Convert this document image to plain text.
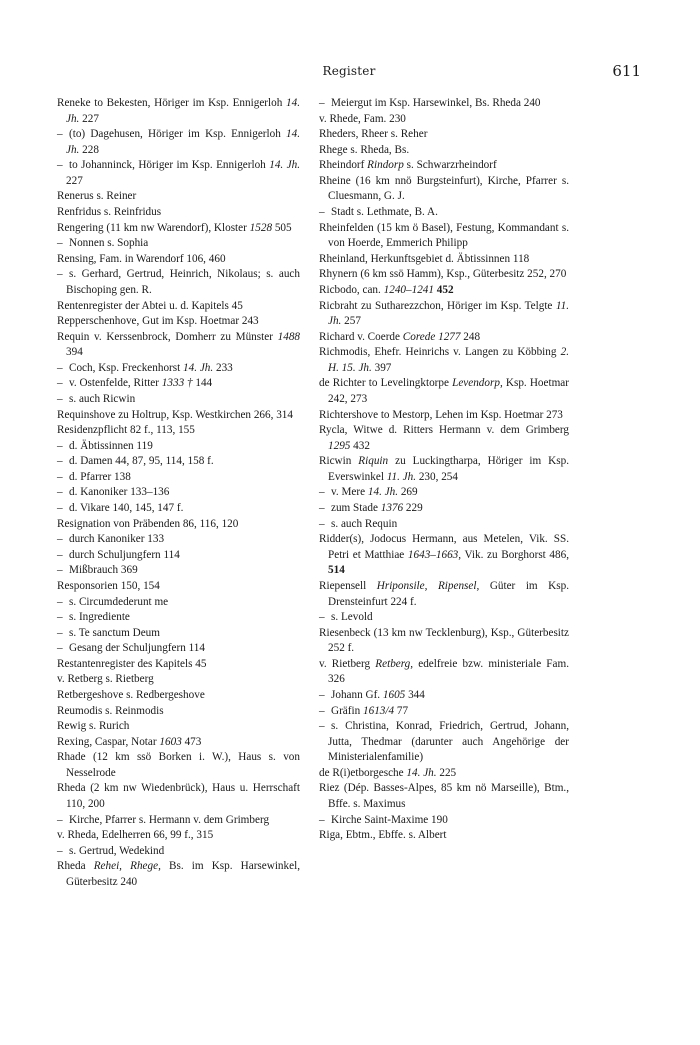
Register	611
Reneke to Bekesten, Höriger im Ksp. Ennigerloh 14. Jh. 227
– (to) Dagehusen, Höriger im Ksp. Ennigerloh 14. Jh. 228
– to Johanninck, Höriger im Ksp. Ennigerloh 14. Jh. 227
Renerus s. Reiner
Renfridus s. Reinfridus
Rengering (11 km nw Warendorf), Kloster 1528 505
– Nonnen s. Sophia
Rensing, Fam. in Warendorf 106, 460
– s. Gerhard, Gertrud, Heinrich, Nikolaus; s. auch Bischoping gen. R.
Rentenregister der Abtei u. d. Kapitels 45
Repperschenhove, Gut im Ksp. Hoetmar 243
Requin v. Kerssenbrock, Domherr zu Münster 1488 394
– Coch, Ksp. Freckenhorst 14. Jh. 233
– v. Ostenfelde, Ritter 1333 † 144
– s. auch Ricwin
Requinshove zu Holtrup, Ksp. Westkirchen 266, 314
Residenzpflicht 82 f., 113, 155
– d. Äbtissinnen 119
– d. Damen 44, 87, 95, 114, 158 f.
– d. Pfarrer 138
– d. Kanoniker 133–136
– d. Vikare 140, 145, 147 f.
Resignation von Präbenden 86, 116, 120
– durch Kanoniker 133
– durch Schuljungfern 114
– Mißbrauch 369
Responsorien 150, 154
– s. Circumdederunt me
– s. Ingrediente
– s. Te sanctum Deum
– Gesang der Schuljungfern 114
Restantenregister des Kapitels 45
v. Retberg s. Rietberg
Retbergeshove s. Redbergeshove
Reumodis s. Reinmodis
Rewig s. Rurich
Rexing, Caspar, Notar 1603 473
Rhade (12 km ssö Borken i. W.), Haus s. von Nesselrode
Rheda (2 km nw Wiedenbrück), Haus u. Herrschaft 110, 200
– Kirche, Pfarrer s. Hermann v. dem Grimberg
v. Rheda, Edelherren 66, 99 f., 315
– s. Gertrud, Wedekind
Rheda Rehei, Rhege, Bs. im Ksp. Harsewinkel, Güterbesitz 240
– Meiergut im Ksp. Harsewinkel, Bs. Rheda 240
v. Rhede, Fam. 230
Rheders, Rheer s. Reher
Rhege s. Rheda, Bs.
Rheindorf Rindorp s. Schwarzrheindorf
Rheine (16 km nnö Burgsteinfurt), Kirche, Pfarrer s. Cluesmann, G. J.
– Stadt s. Lethmate, B. A.
Rheinfelden (15 km ö Basel), Festung, Kommandant s. von Hoerde, Emmerich Philipp
Rheinland, Herkunftsgebiet d. Äbtissinnen 118
Rhynern (6 km ssö Hamm), Ksp., Güterbesitz 252, 270
Ricbodo, can. 1240–1241 452
Ricbraht zu Sutharezzchon, Höriger im Ksp. Telgte 11. Jh. 257
Richard v. Coerde Corede 1277 248
Richmodis, Ehefr. Heinrichs v. Langen zu Köbbing 2. H. 15. Jh. 397
de Richter to Levelingktorpe Levendorp, Ksp. Hoetmar 242, 273
Richtershove to Mestorp, Lehen im Ksp. Hoetmar 273
Rycla, Witwe d. Ritters Hermann v. dem Grimberg 1295 432
Ricwin Riquin zu Luckingtharpa, Höriger im Ksp. Everswinkel 11. Jh. 230, 254
– v. Mere 14. Jh. 269
– zum Stade 1376 229
– s. auch Requin
Ridder(s), Jodocus Hermann, aus Metelen, Vik. SS. Petri et Matthiae 1643–1663, Vik. zu Borghorst 486, 514
Riepensell Hriponsile, Ripensel, Güter im Ksp. Drensteinfurt 224 f.
– s. Levold
Riesenbeck (13 km nw Tecklenburg), Ksp., Güterbesitz 252 f.
v. Rietberg Retberg, edelfreie bzw. ministeriale Fam. 326
– Johann Gf. 1605 344
– Gräfin 1613/4 77
– s. Christina, Konrad, Friedrich, Gertrud, Johann, Jutta, Thedmar (darunter auch Angehörige der Ministerialenfamilie)
de R(i)etborgesche 14. Jh. 225
Riez (Dép. Basses-Alpes, 85 km nö Marseille), Btm., Bffe. s. Maximus
– Kirche Saint-Maxime 190
Riga, Ebtm., Ebffe. s. Albert
